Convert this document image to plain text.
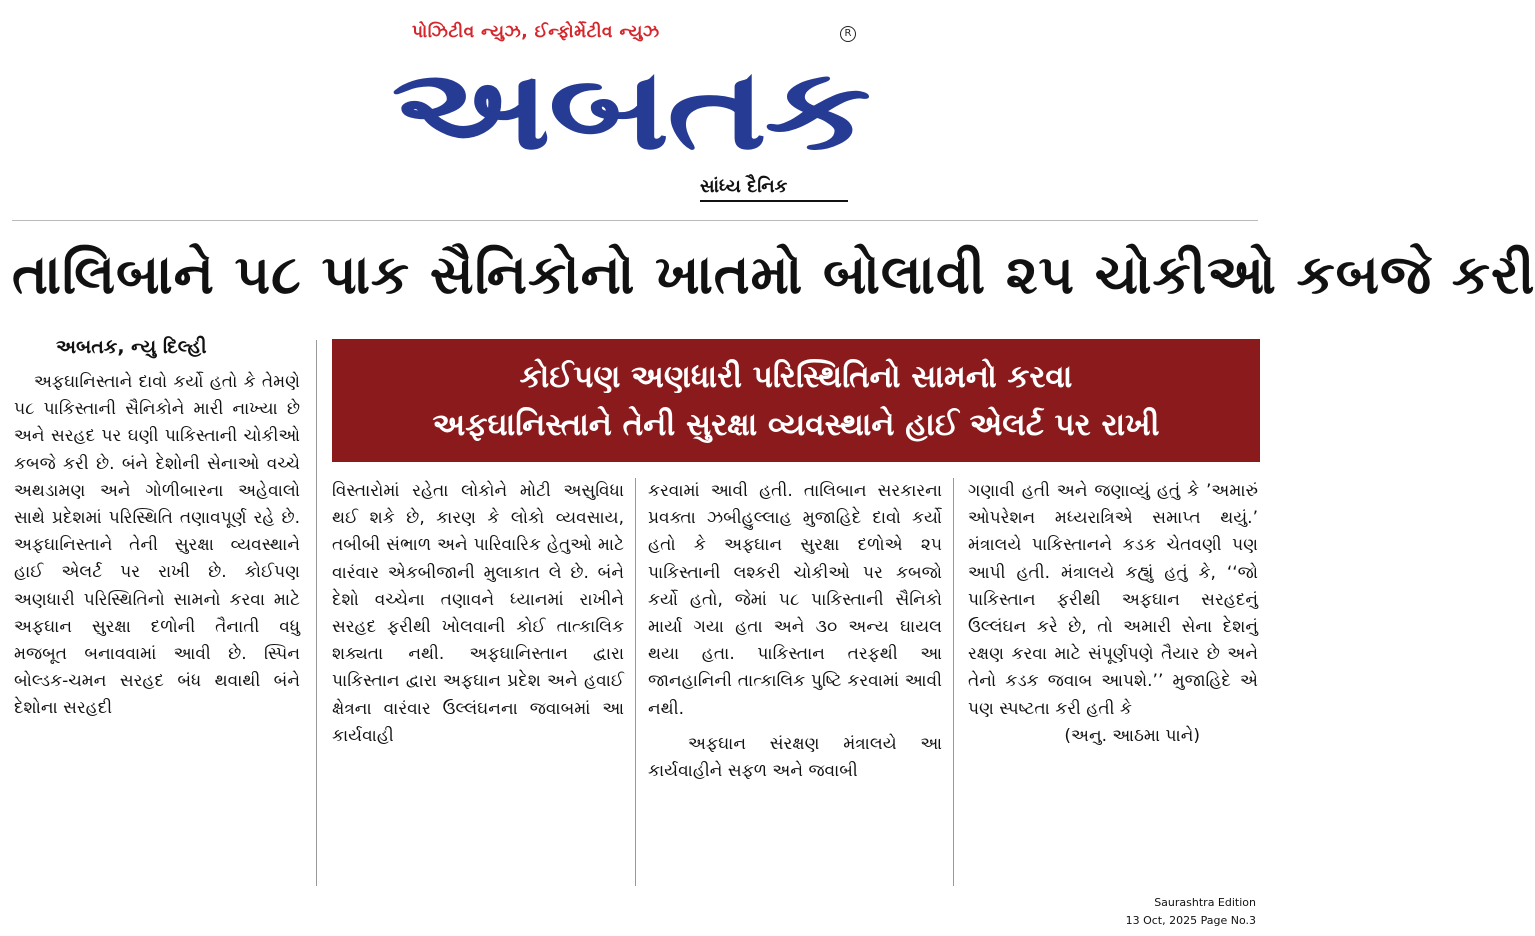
પોઝિટીવ ન્યુઝ, ઈન્ફોર્મેટીવ ન્યુઝ	R
અબતક
સાંધ્ય દૈનિક
તાલિબાને ૫૮ પાક સૈનિકોનો ખાતમો બોલાવી ૨૫ ચોકીઓ કબજે કરી
અબતક, ન્યુ દિલ્હી
કોઈપણ અણધારી પરિસ્થિતિનો સામનો કરવા
અફઘાનિસ્તાને તેની સુરક્ષા વ્યવસ્થાને હાઈ એલર્ટ પર રાખી

અફઘાનિસ્તાને દાવો કર્યો હતો કે તેમણે ૫૮ પાકિસ્તાની સૈનિકોને મારી નાખ્યા છે અને સરહદ પર ઘણી પાકિસ્તાની ચોકીઓ કબજે કરી છે. બંને દેશોની સેનાઓ વચ્ચે અથડામણ અને ગોળીબારના અહેવાલો સાથે પ્રદેશમાં પરિસ્થિતિ તણાવપૂર્ણ રહે છે. અફઘાનિસ્તાને તેની સુરક્ષા વ્યવસ્થાને હાઈ એલર્ટ પર રાખી છે. કોઈપણ અણધારી પરિસ્થિતિનો સામનો કરવા માટે અફઘાન સુરક્ષા દળોની તૈનાતી વધુ મજબૂત બનાવવામાં આવી છે. સ્પિન બોલ્ડક-ચમન સરહદ બંધ થવાથી બંને દેશોના સરહદી

વિસ્તારોમાં રહેતા લોકોને મોટી અસુવિધા થઈ શકે છે, કારણ કે લોકો વ્યવસાય, તબીબી સંભાળ અને પારિવારિક હેતુઓ માટે વારંવાર એકબીજાની મુલાકાત લે છે. બંને દેશો વચ્ચેના તણાવને ધ્યાનમાં રાખીને સરહદ ફરીથી ખોલવાની કોઈ તાત્કાલિક શક્યતા નથી. અફઘાનિસ્તાન દ્વારા પાકિસ્તાન દ્વારા અફઘાન પ્રદેશ અને હવાઈ ક્ષેત્રના વારંવાર ઉલ્લંઘનના જવાબમાં આ કાર્યવાહી

કરવામાં આવી હતી. તાલિબાન સરકારના પ્રવક્તા ઝબીહુલ્લાહ મુજાહિદે દાવો કર્યો હતો કે અફઘાન સુરક્ષા દળોએ ૨૫ પાકિસ્તાની લશ્કરી ચોકીઓ પર કબજો કર્યો હતો, જેમાં ૫૮ પાકિસ્તાની સૈનિકો માર્યા ગયા હતા અને ૩૦ અન્ય ઘાયલ થયા હતા. પાકિસ્તાન તરફથી આ જાનહાનિની તાત્કાલિક પુષ્ટિ કરવામાં આવી નથી.

અફઘાન સંરક્ષણ મંત્રાલયે આ કાર્યવાહીને સફળ અને જવાબી

ગણાવી હતી અને જણાવ્યું હતું કે ’અમારું ઓપરેશન મધ્યરાત્રિએ સમાપ્ત થયું.’ મંત્રાલયે પાકિસ્તાનને કડક ચેતવણી પણ આપી હતી. મંત્રાલયે કહ્યું હતું કે, ‘‘જો પાકિસ્તાન ફરીથી અફઘાન સરહદનું ઉલ્લંઘન કરે છે, તો અમારી સેના દેશનું રક્ષણ કરવા માટે સંપૂર્ણપણે તૈયાર છે અને તેનો કડક જવાબ આપશે.’’ મુજાહિદે એ પણ સ્પષ્ટતા કરી હતી કે

(અનુ. આઠમા પાને)
Saurashtra Edition
13 Oct, 2025 Page No.3
